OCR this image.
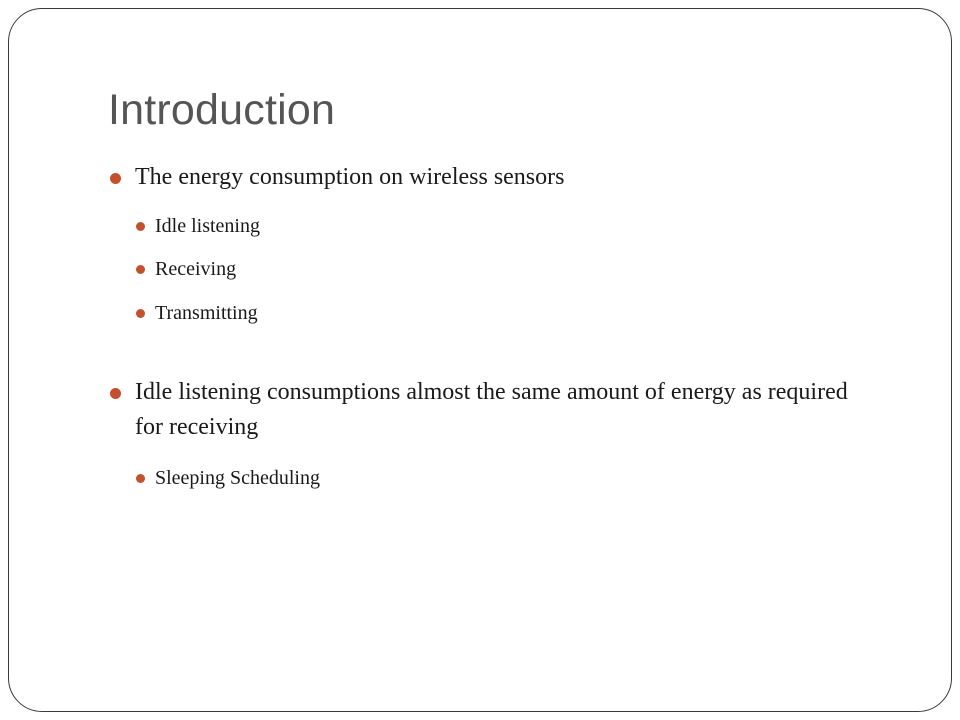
Introduction
The energy consumption on wireless sensors
Idle listening
Receiving
Transmitting
Idle listening consumptions almost the same amount of energy as required for receiving
Sleeping Scheduling
